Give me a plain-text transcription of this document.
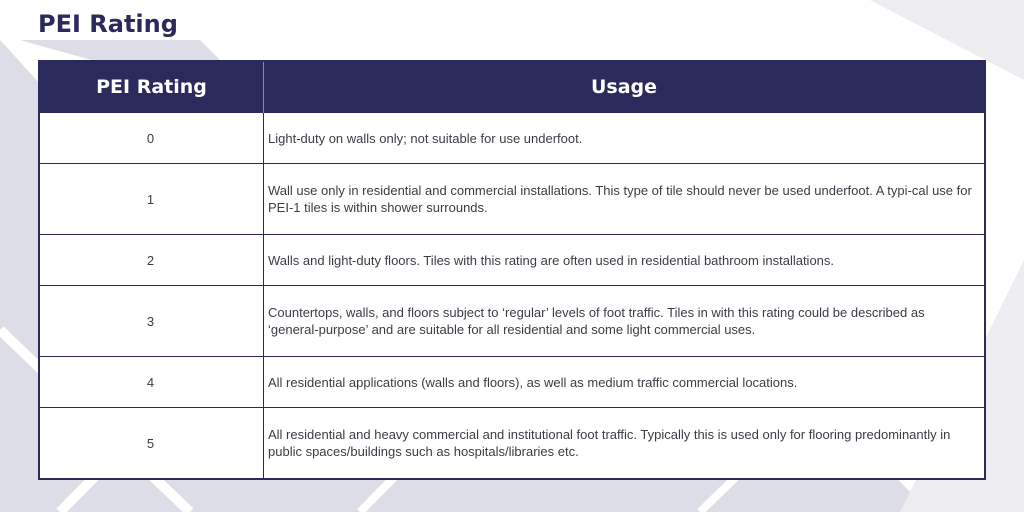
PEI Rating
PEI Rating	Usage
0	Light-duty on walls only; not suitable for use underfoot.
1	Wall use only in residential and commercial installations. This type of tile should never be used underfoot. A typi-cal use for PEI-1 tiles is within shower surrounds.
2	Walls and light-duty floors. Tiles with this rating are often used in residential bathroom installations.
3	Countertops, walls, and floors subject to ‘regular’ levels of foot traffic. Tiles in with this rating could be described as ‘general-purpose’ and are suitable for all residential and some light commercial uses.
4	All residential applications (walls and floors), as well as medium traffic commercial locations.
5	All residential and heavy commercial and institutional foot traffic. Typically this is used only for flooring predominantly in public spaces/buildings such as hospitals/libraries etc.
